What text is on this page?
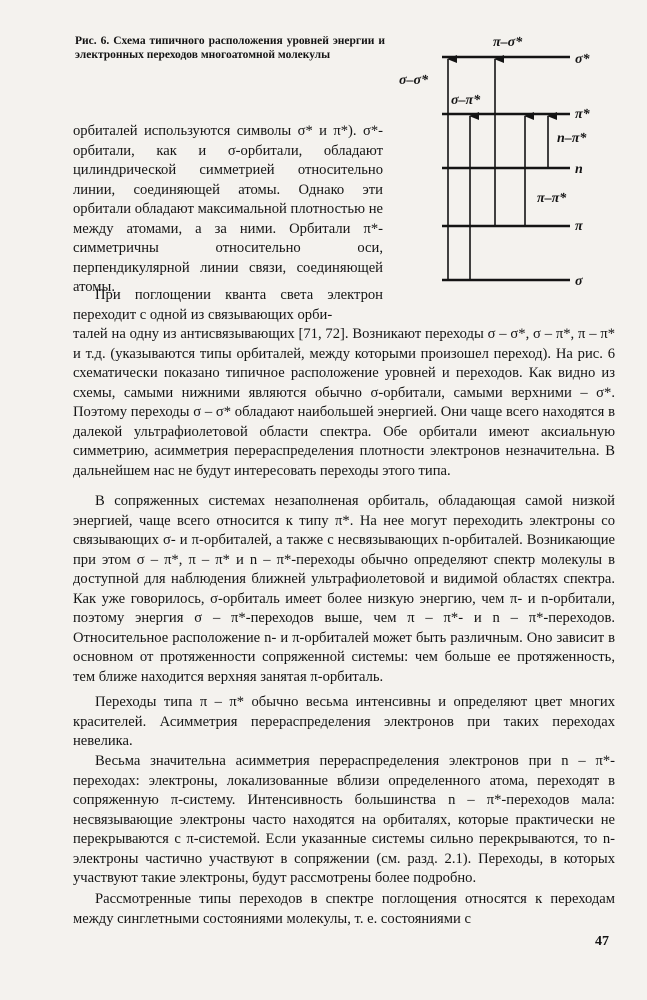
Рис. 6. Схема типичного расположения уровней энергии и электронных переходов многоатомной молекулы	σ*
π*
n
π
σ
π–σ*
σ–σ*
σ–π*
n–π*
π–π*

орбиталей используются символы σ* и π*). σ*-орбитали, как и σ-орбитали, обладают цилиндрической симметрией относительно линии, соединяющей атомы. Однако эти орбитали обладают максимальной плотностью не между атомами, а за ними. Орбитали π*-симметричны относительно оси, перпендикулярной линии связи, соединяющей атомы.

При поглощении кванта света электрон переходит с одной из связывающих орби-

талей на одну из антисвязывающих [71, 72]. Возникают переходы σ – σ*, σ – π*, π – π* и т.д. (указываются типы орбиталей, между которыми произошел переход). На рис. 6 схематически показано типичное расположение уровней и переходов. Как видно из схемы, самыми нижними являются обычно σ-орбитали, самыми верхними – σ*. Поэтому переходы σ – σ* обладают наибольшей энергией. Они чаще всего находятся в далекой ультрафиолетовой области спектра. Обе орбитали имеют аксиальную симметрию, асимметрия перераспределения плотности электронов незначительна. В дальнейшем нас не будут интересовать переходы этого типа.

В сопряженных системах незаполненая орбиталь, обладающая самой низкой энергией, чаще всего относится к типу π*. На нее могут переходить электроны со связывающих σ- и π-орбиталей, а также с несвязывающих n-орбиталей. Возникающие при этом σ – π*, π – π* и n – π*-переходы обычно определяют спектр молекулы в доступной для наблюдения ближней ультрафиолетовой и видимой областях спектра. Как уже говорилось, σ-орбиталь имеет более низкую энергию, чем π- и n-орбитали, поэтому энергия σ – π*-переходов выше, чем π – π*- и n – π*-переходов. Относительное расположение n- и π-орбиталей может быть различным. Оно зависит в основном от протяженности сопряженной системы: чем больше ее протяженность, тем ближе находится верхняя занятая π-орбиталь.

Переходы типа π – π* обычно весьма интенсивны и определяют цвет многих красителей. Асимметрия перераспределения электронов при таких переходах невелика.

Весьма значительна асимметрия перераспределения электронов при n – π*-переходах: электроны, локализованные вблизи определенного атома, переходят в сопряженную π-систему. Интенсивность большинства n – π*-переходов мала: несвязывающие электроны часто находятся на орбиталях, которые практически не перекрываются с π-системой. Если указанные системы сильно перекрываются, то n-электроны частично участвуют в сопряжении (см. разд. 2.1). Переходы, в которых участвуют такие электроны, будут рассмотрены более подробно.

Рассмотренные типы переходов в спектре поглощения относятся к переходам между синглетными состояниями молекулы, т. е. состояниями с

47
